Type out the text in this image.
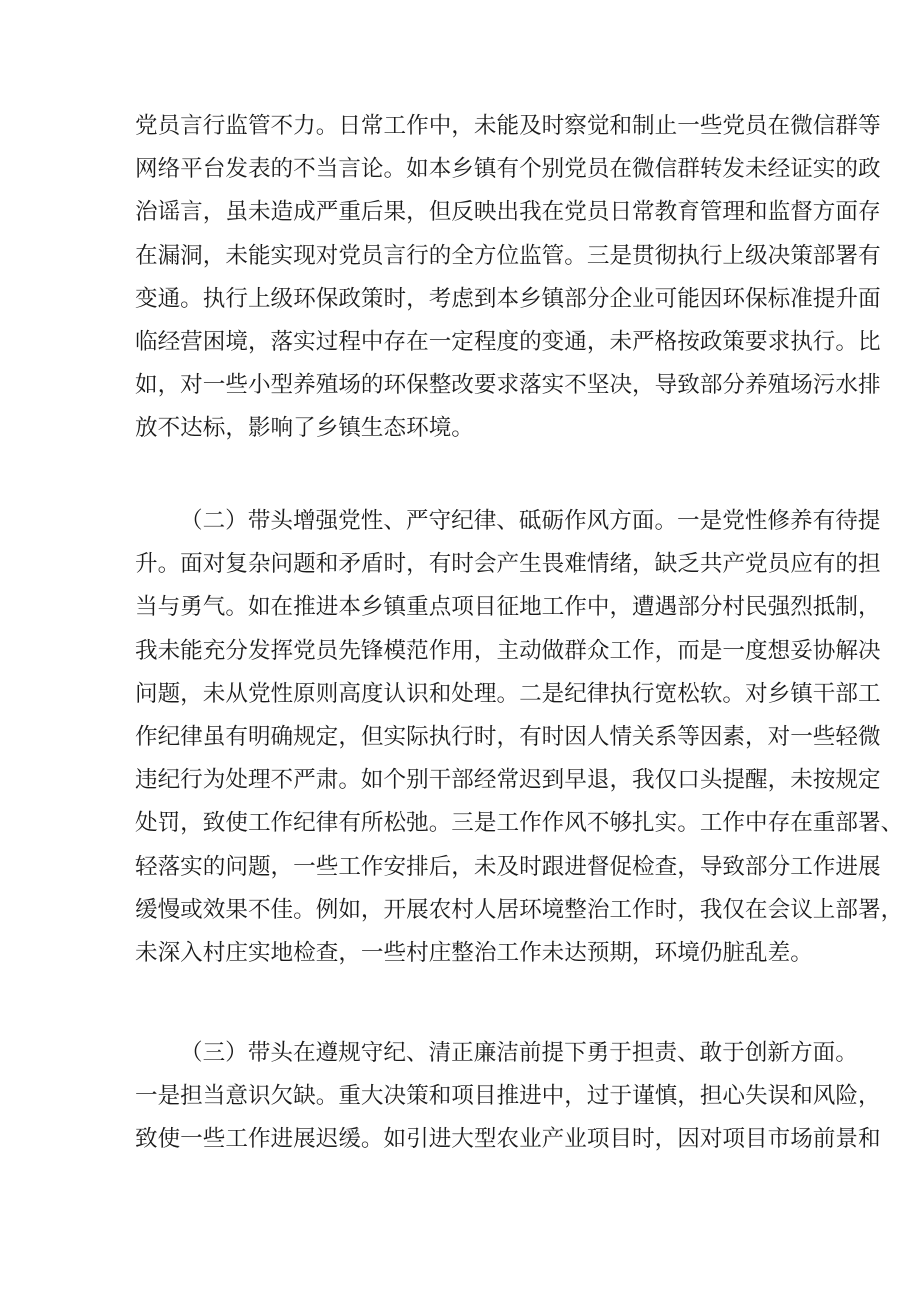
党员言行监管不力。日常工作中，未能及时察觉和制止一些党员在微信群等
网络平台发表的不当言论。如本乡镇有个别党员在微信群转发未经证实的政
治谣言，虽未造成严重后果，但反映出我在党员日常教育管理和监督方面存
在漏洞，未能实现对党员言行的全方位监管。三是贯彻执行上级决策部署有
变通。执行上级环保政策时，考虑到本乡镇部分企业可能因环保标准提升面
临经营困境，落实过程中存在一定程度的变通，未严格按政策要求执行。比
如，对一些小型养殖场的环保整改要求落实不坚决，导致部分养殖场污水排
放不达标，影响了乡镇生态环境。
（二）带头增强党性、严守纪律、砥砺作风方面。一是党性修养有待提
升。面对复杂问题和矛盾时，有时会产生畏难情绪，缺乏共产党员应有的担
当与勇气。如在推进本乡镇重点项目征地工作中，遭遇部分村民强烈抵制，
我未能充分发挥党员先锋模范作用，主动做群众工作，而是一度想妥协解决
问题，未从党性原则高度认识和处理。二是纪律执行宽松软。对乡镇干部工
作纪律虽有明确规定，但实际执行时，有时因人情关系等因素，对一些轻微
违纪行为处理不严肃。如个别干部经常迟到早退，我仅口头提醒，未按规定
处罚，致使工作纪律有所松弛。三是工作作风不够扎实。工作中存在重部署、
轻落实的问题，一些工作安排后，未及时跟进督促检查，导致部分工作进展
缓慢或效果不佳。例如，开展农村人居环境整治工作时，我仅在会议上部署，
未深入村庄实地检查，一些村庄整治工作未达预期，环境仍脏乱差。
（三）带头在遵规守纪、清正廉洁前提下勇于担责、敢于创新方面。
一是担当意识欠缺。重大决策和项目推进中，过于谨慎，担心失误和风险，
致使一些工作进展迟缓。如引进大型农业产业项目时，因对项目市场前景和
